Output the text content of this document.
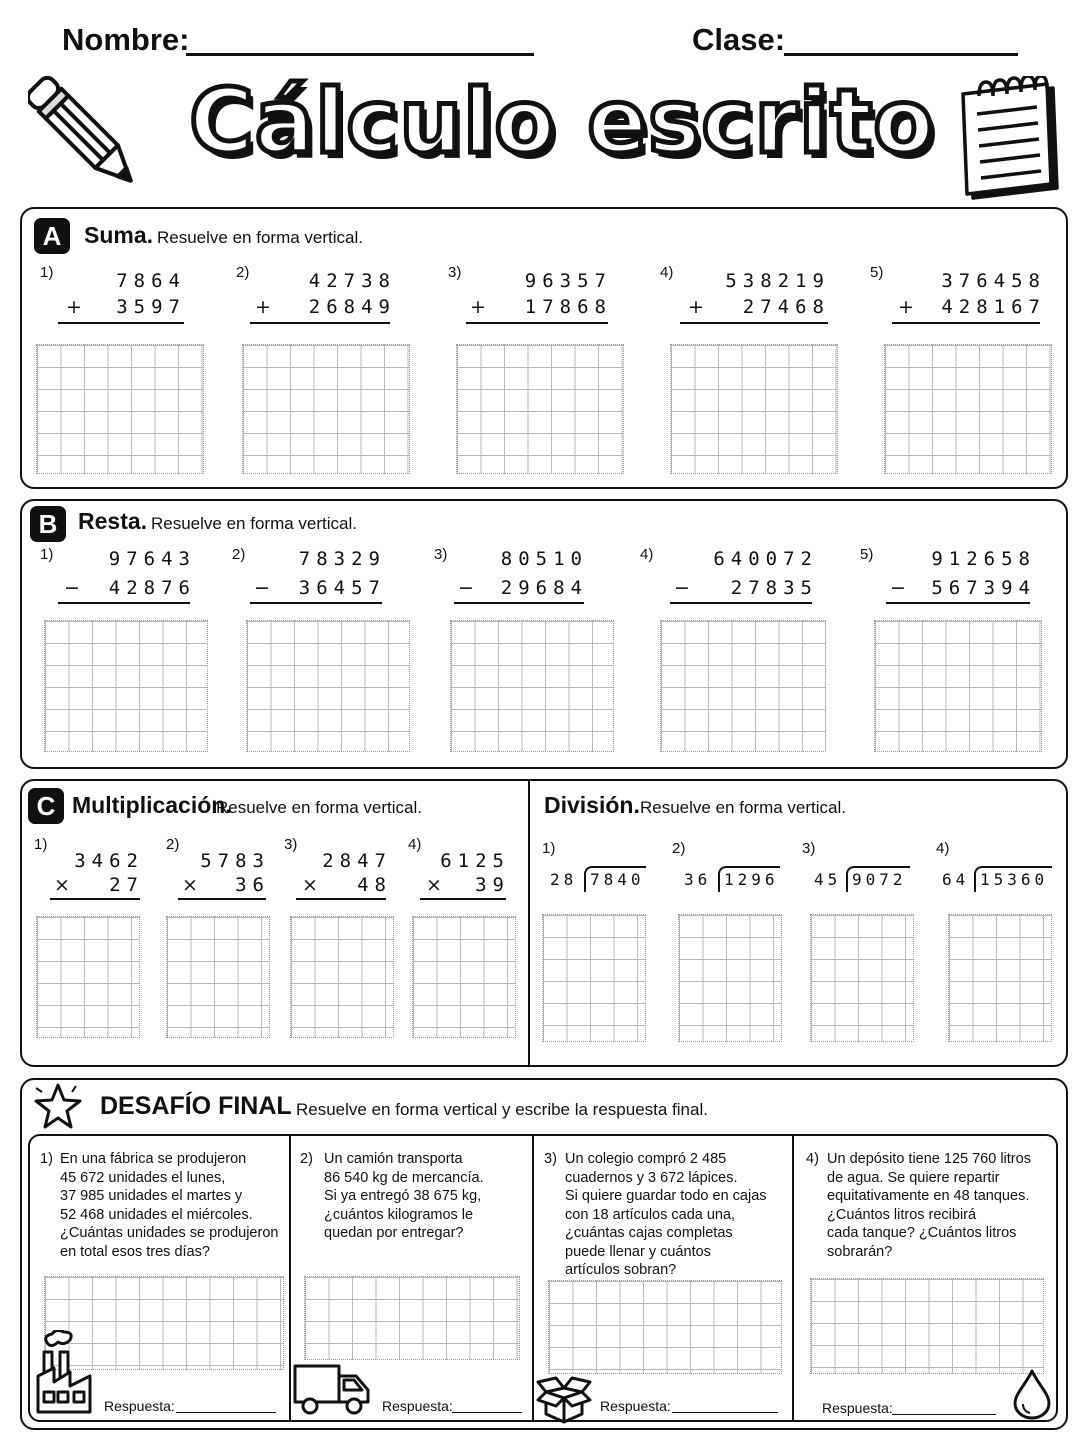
Nombre:	Clase:
Cálculo escrito
A Suma. Resuelve en forma vertical.
1)	7864
+	3597
2)	42738
+	26849
3)	96357
+	17868
4)	538219
+	27468
5)	376458
+	428167
B Resta. Resuelve en forma vertical.
1)	97643
−	42876
2)	78329
−	36457
3)	80510
−	29684
4)	640072
−	27835
5)	912658
−	567394
C Multiplicación.
Resuelve en forma vertical.
1)
3462
×	27
2)
5783
×	36
3)
2847
×	48
4)
6125
×	39
División. Resuelve en forma vertical.
1)
28 7840
2)
36 1296
3)
45 9072
4)
64 15360
DESAFÍO FINAL Resuelve en forma vertical y escribe la respuesta final.
1) En una fábrica se produjeron
45 672 unidades el lunes,
37 985 unidades el martes y
52 468 unidades el miércoles.
¿Cuántas unidades se produjeron
en total esos tres días?
Respuesta:
2) Un camión transporta
86 540 kg de mercancía.
Si ya entregó 38 675 kg,
¿cuántos kilogramos le
quedan por entregar?
Respuesta:
3) Un colegio compró 2 485
cuadernos y 3 672 lápices.
Si quiere guardar todo en cajas
con 18 artículos cada una,
¿cuántas cajas completas
puede llenar y cuántos
artículos sobran?
Respuesta:
4) Un depósito tiene 125 760 litros
de agua. Se quiere repartir
equitativamente en 48 tanques.
¿Cuántos litros recibirá
cada tanque? ¿Cuántos litros
sobrarán?
Respuesta:
